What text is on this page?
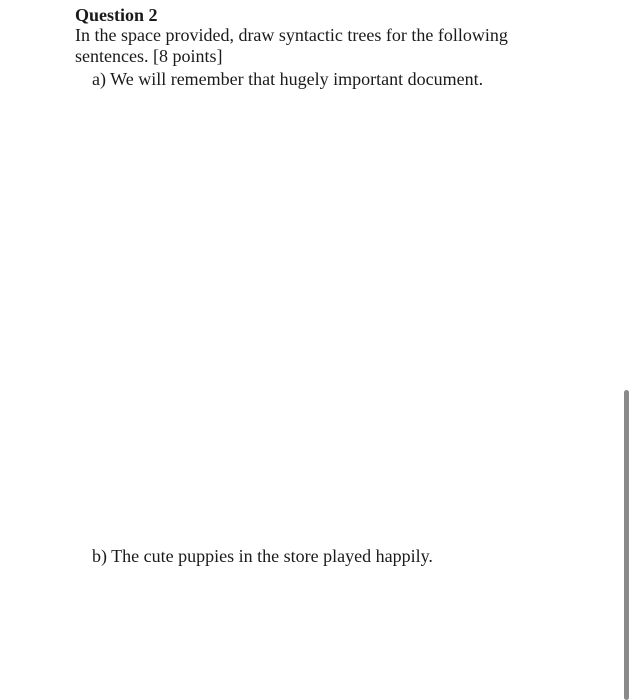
Question 2
In the space provided, draw syntactic trees for the following sentences. [8 points]
a) We will remember that hugely important document.
b) The cute puppies in the store played happily.
